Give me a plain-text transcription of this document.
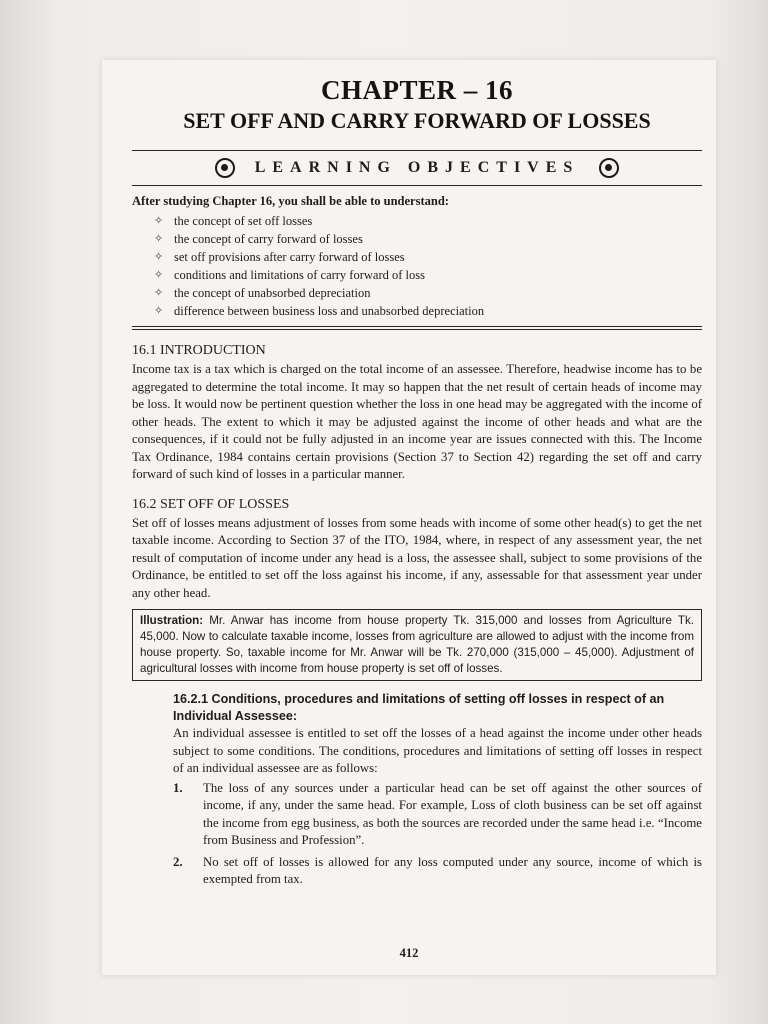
CHAPTER – 16
SET OFF AND CARRY FORWARD OF LOSSES
LEARNING OBJECTIVES

After studying Chapter 16, you shall be able to understand:

✧ the concept of set off losses
✧ the concept of carry forward of losses
✧ set off provisions after carry forward of losses
✧ conditions and limitations of carry forward of loss
✧ the concept of unabsorbed depreciation
✧ difference between business loss and unabsorbed depreciation
16.1 INTRODUCTION

Income tax is a tax which is charged on the total income of an assessee. Therefore, headwise income has to be aggregated to determine the total income. It may so happen that the net result of certain heads of income may be loss. It would now be pertinent question whether the loss in one head may be aggregated with the income of other heads. The extent to which it may be adjusted against the income of other heads and what are the consequences, if it could not be fully adjusted in an income year are issues connected with this. The Income Tax Ordinance, 1984 contains certain provisions (Section 37 to Section 42) regarding the set off and carry forward of such kind of losses in a particular manner.

16.2 SET OFF OF LOSSES

Set off of losses means adjustment of losses from some heads with income of some other head(s) to get the net taxable income. According to Section 37 of the ITO, 1984, where, in respect of any assessment year, the net result of computation of income under any head is a loss, the assessee shall, subject to some provisions of the Ordinance, be entitled to set off the loss against his income, if any, assessable for that assessment year under any other head.

Illustration: Mr. Anwar has income from house property Tk. 315,000 and losses from Agriculture Tk. 45,000. Now to calculate taxable income, losses from agriculture are allowed to adjust with the income from house property. So, taxable income for Mr. Anwar will be Tk. 270,000 (315,000 – 45,000). Adjustment of agricultural losses with income from house property is set off of losses.

16.2.1 Conditions, procedures and limitations of setting off losses in respect of an Individual Assessee:

An individual assessee is entitled to set off the losses of a head against the income under other heads subject to some conditions. The conditions, procedures and limitations of setting off losses in respect of an individual assessee are as follows:

1.	The loss of any sources under a particular head can be set off against the other sources of income, if any, under the same head. For example, Loss of cloth business can be set off against the income from egg business, as both the sources are recorded under the same head i.e. “Income from Business and Profession”.
2.	No set off of losses is allowed for any loss computed under any source, income of which is exempted from tax.
412
